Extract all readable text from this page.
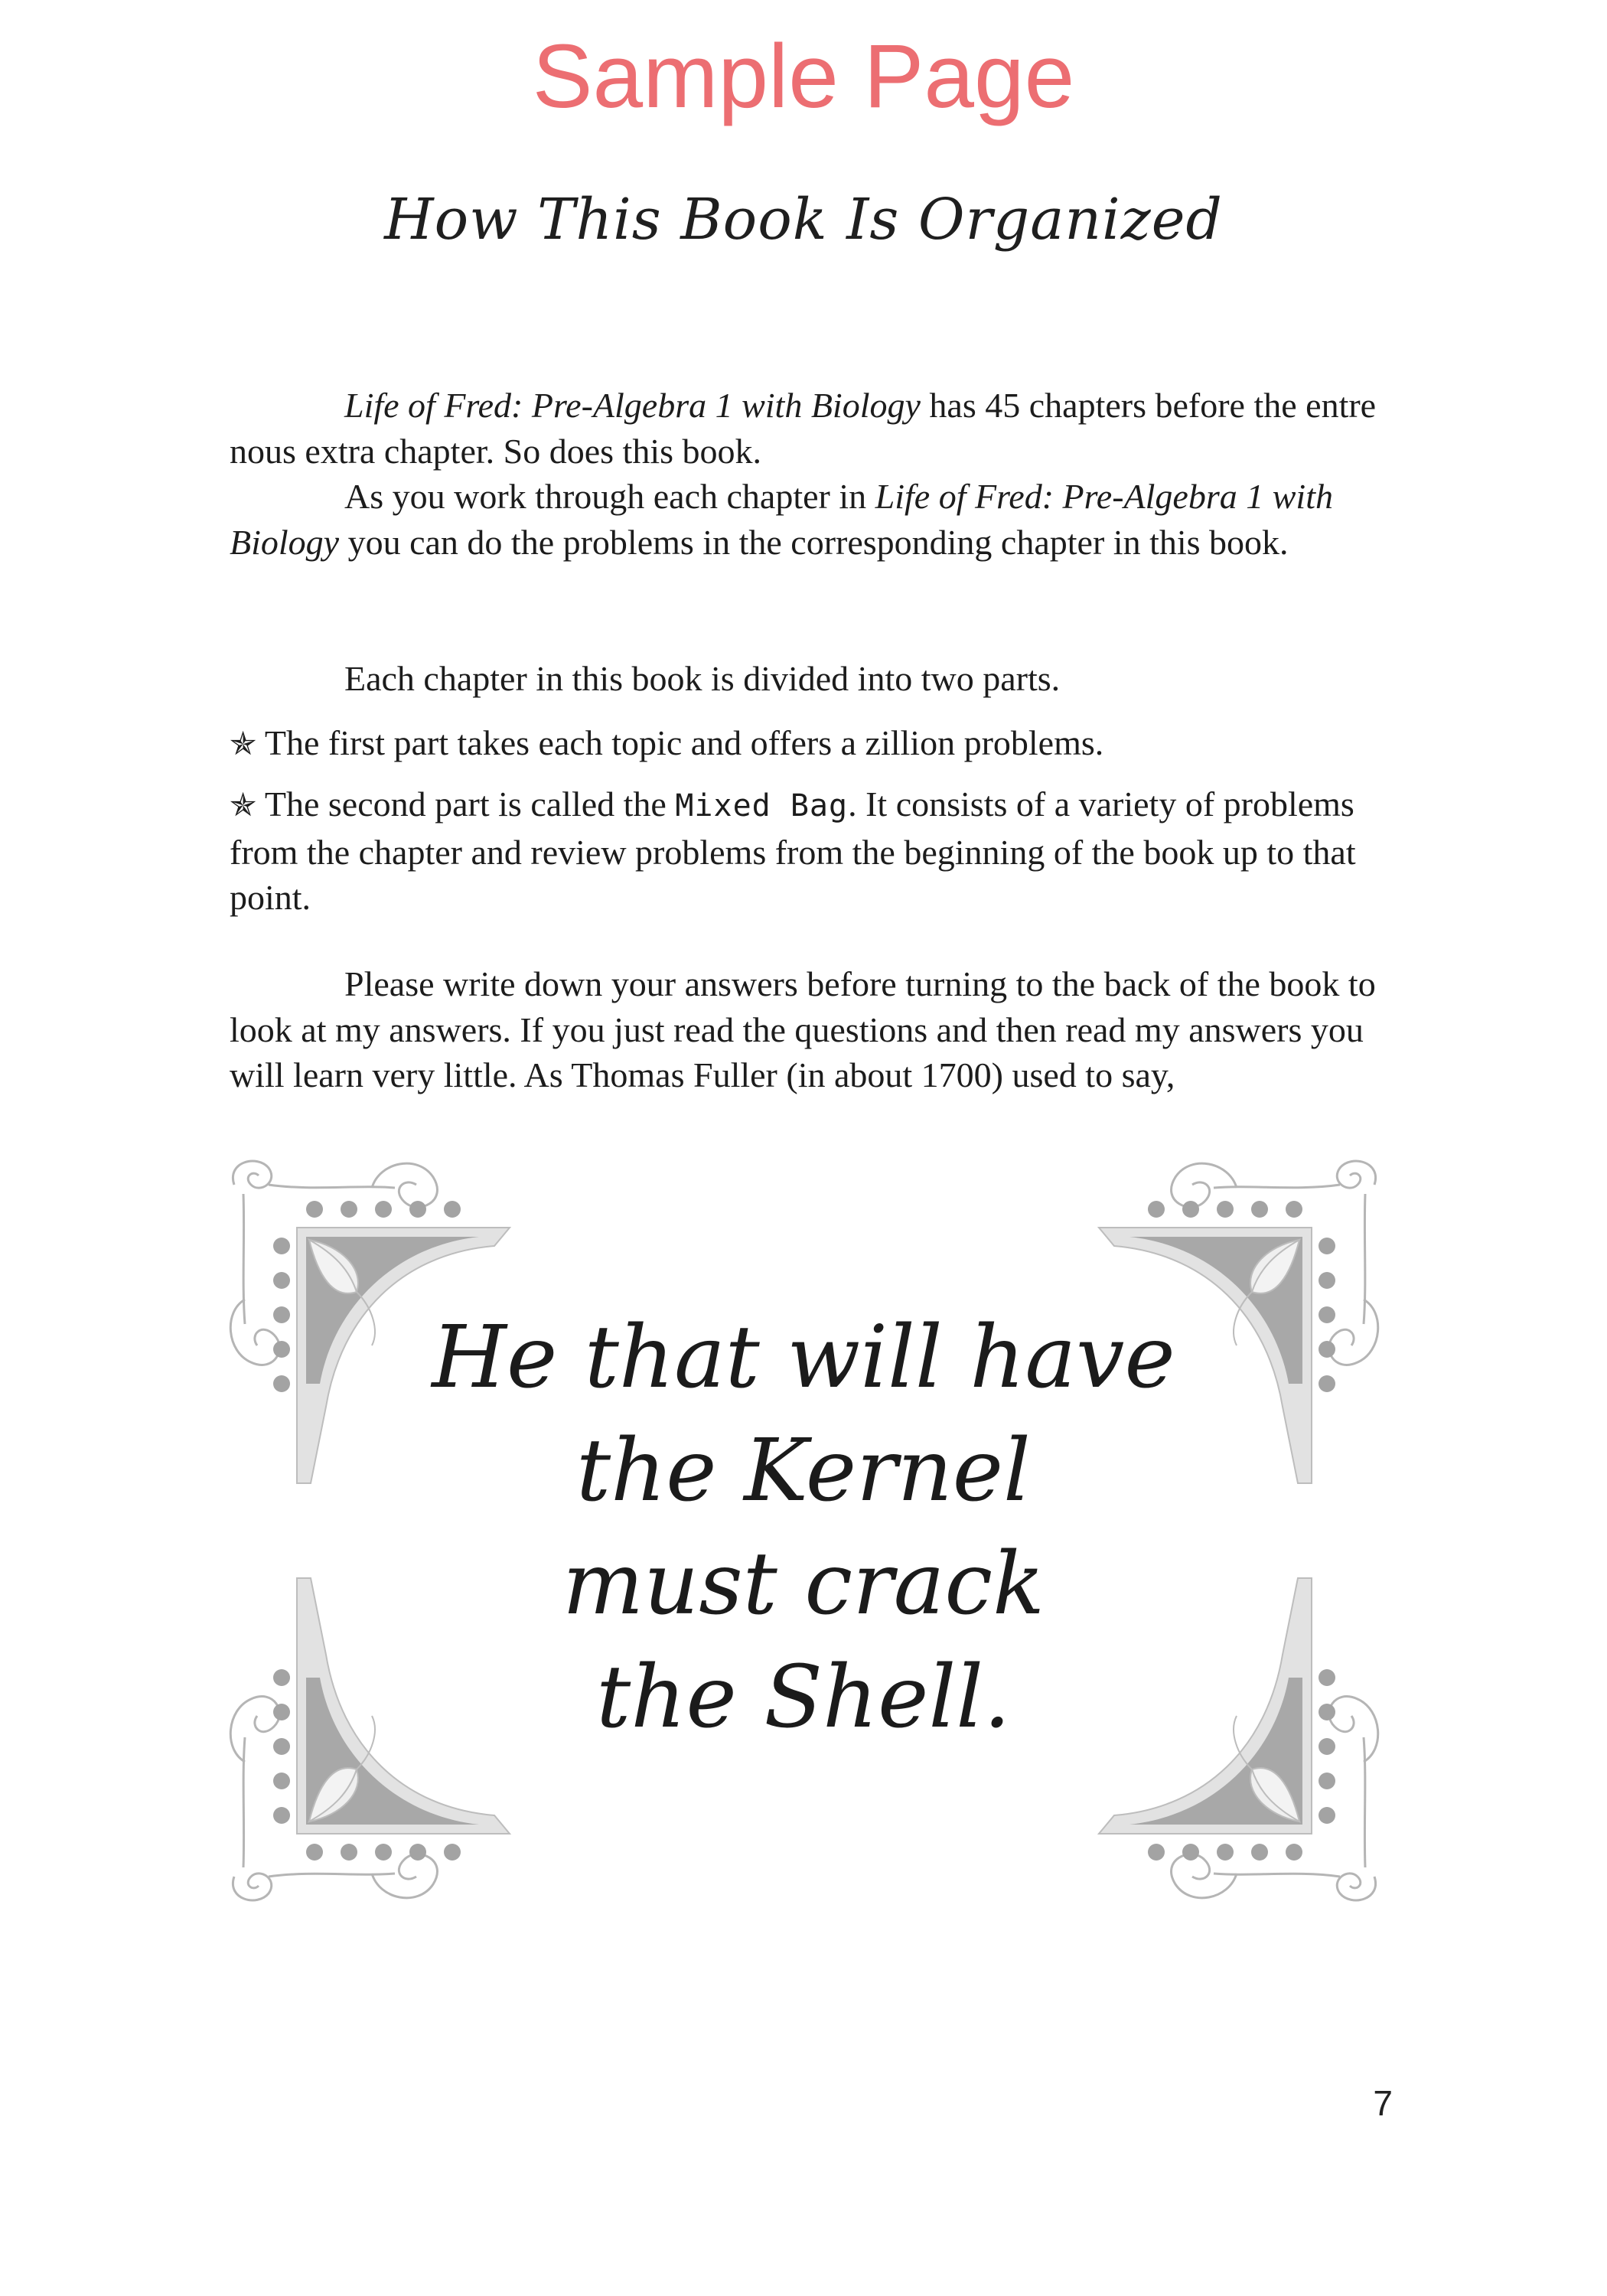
Sample Page
How This Book Is Organized

Life of Fred: Pre-Algebra 1 with Biology has 45 chapters before the entre nous extra chapter. So does this book.

As you work through each chapter in Life of Fred: Pre-Algebra 1 with Biology you can do the problems in the corresponding chapter in this book.

Each chapter in this book is divided into two parts.

✯ The first part takes each topic and offers a zillion problems.

✯ The second part is called the Mixed Bag. It consists of a variety of problems from the chapter and review problems from the beginning of the book up to that point.

Please write down your answers before turning to the back of the book to look at my answers. If you just read the questions and then read my answers you will learn very little. As Thomas Fuller (in about 1700) used to say,

He that will have
the Kernel
must crack
the Shell.
7
